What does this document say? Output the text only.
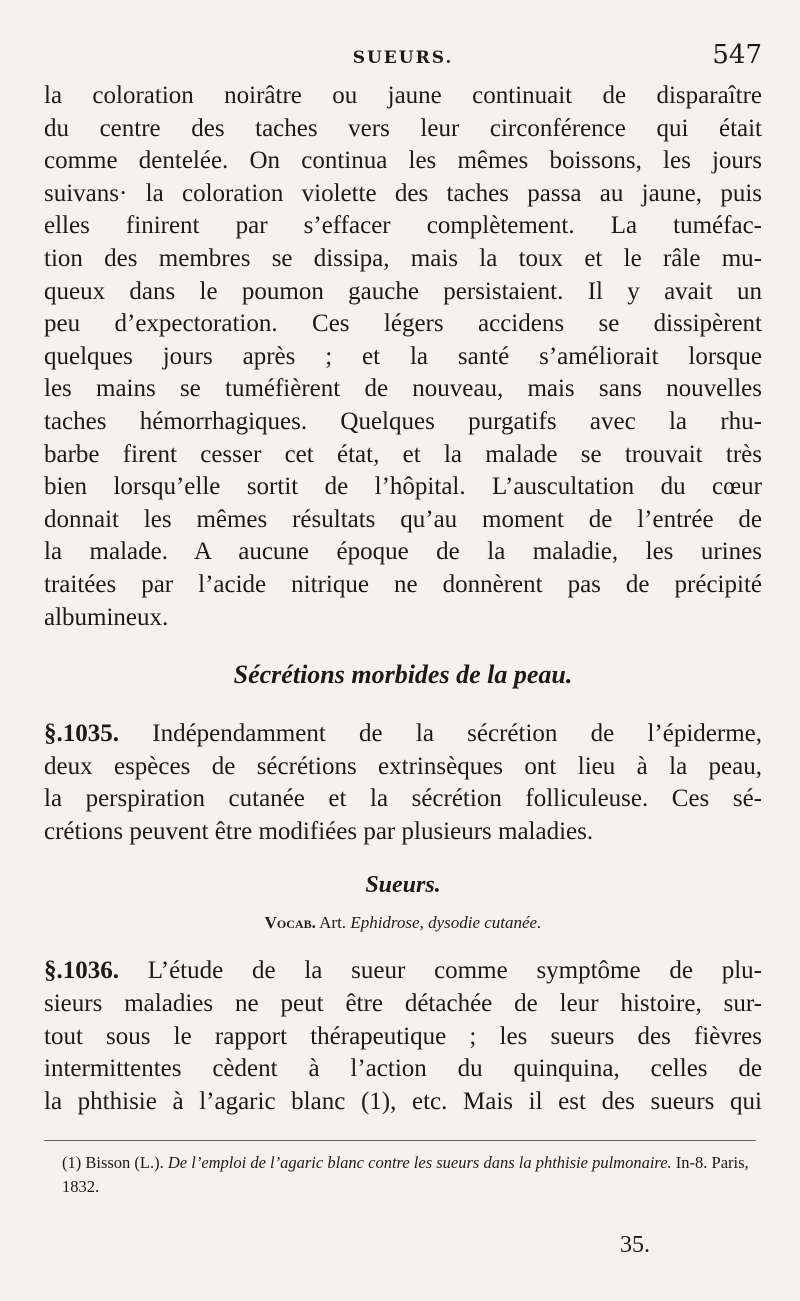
SUEURS.	547

la coloration noirâtre ou jaune continuait de disparaître
du centre des taches vers leur circonférence qui était
comme dentelée. On continua les mêmes boissons, les jours
suivans· la coloration violette des taches passa au jaune, puis
elles finirent par s’effacer complètement. La tuméfac-
tion des membres se dissipa, mais la toux et le râle mu-
queux dans le poumon gauche persistaient. Il y avait un
peu d’expectoration. Ces légers accidens se dissipèrent
quelques jours après ; et la santé s’améliorait lorsque
les mains se tuméfièrent de nouveau, mais sans nouvelles
taches hémorrhagiques. Quelques purgatifs avec la rhu-
barbe firent cesser cet état, et la malade se trouvait très
bien lorsqu’elle sortit de l’hôpital. L’auscultation du cœur
donnait les mêmes résultats qu’au moment de l’entrée de
la malade. A aucune époque de la maladie, les urines
traitées par l’acide nitrique ne donnèrent pas de précipité
albumineux.

Sécrétions morbides de la peau.

§.1035. Indépendamment de la sécrétion de l’épiderme,
deux espèces de sécrétions extrinsèques ont lieu à la peau,
la perspiration cutanée et la sécrétion folliculeuse. Ces sé-
crétions peuvent être modifiées par plusieurs maladies.

Sueurs.
Vocab. Art. Ephidrose, dysodie cutanée.

§.1036. L’étude de la sueur comme symptôme de plu-
sieurs maladies ne peut être détachée de leur histoire, sur-
tout sous le rapport thérapeutique ; les sueurs des fièvres
intermittentes cèdent à l’action du quinquina, celles de
la phthisie à l’agaric blanc (1), etc. Mais il est des sueurs qui

(1) Bisson (L.). De l’emploi de l’agaric blanc contre les sueurs dans la phthisie pulmonaire. In-8. Paris, 1832.
35.
